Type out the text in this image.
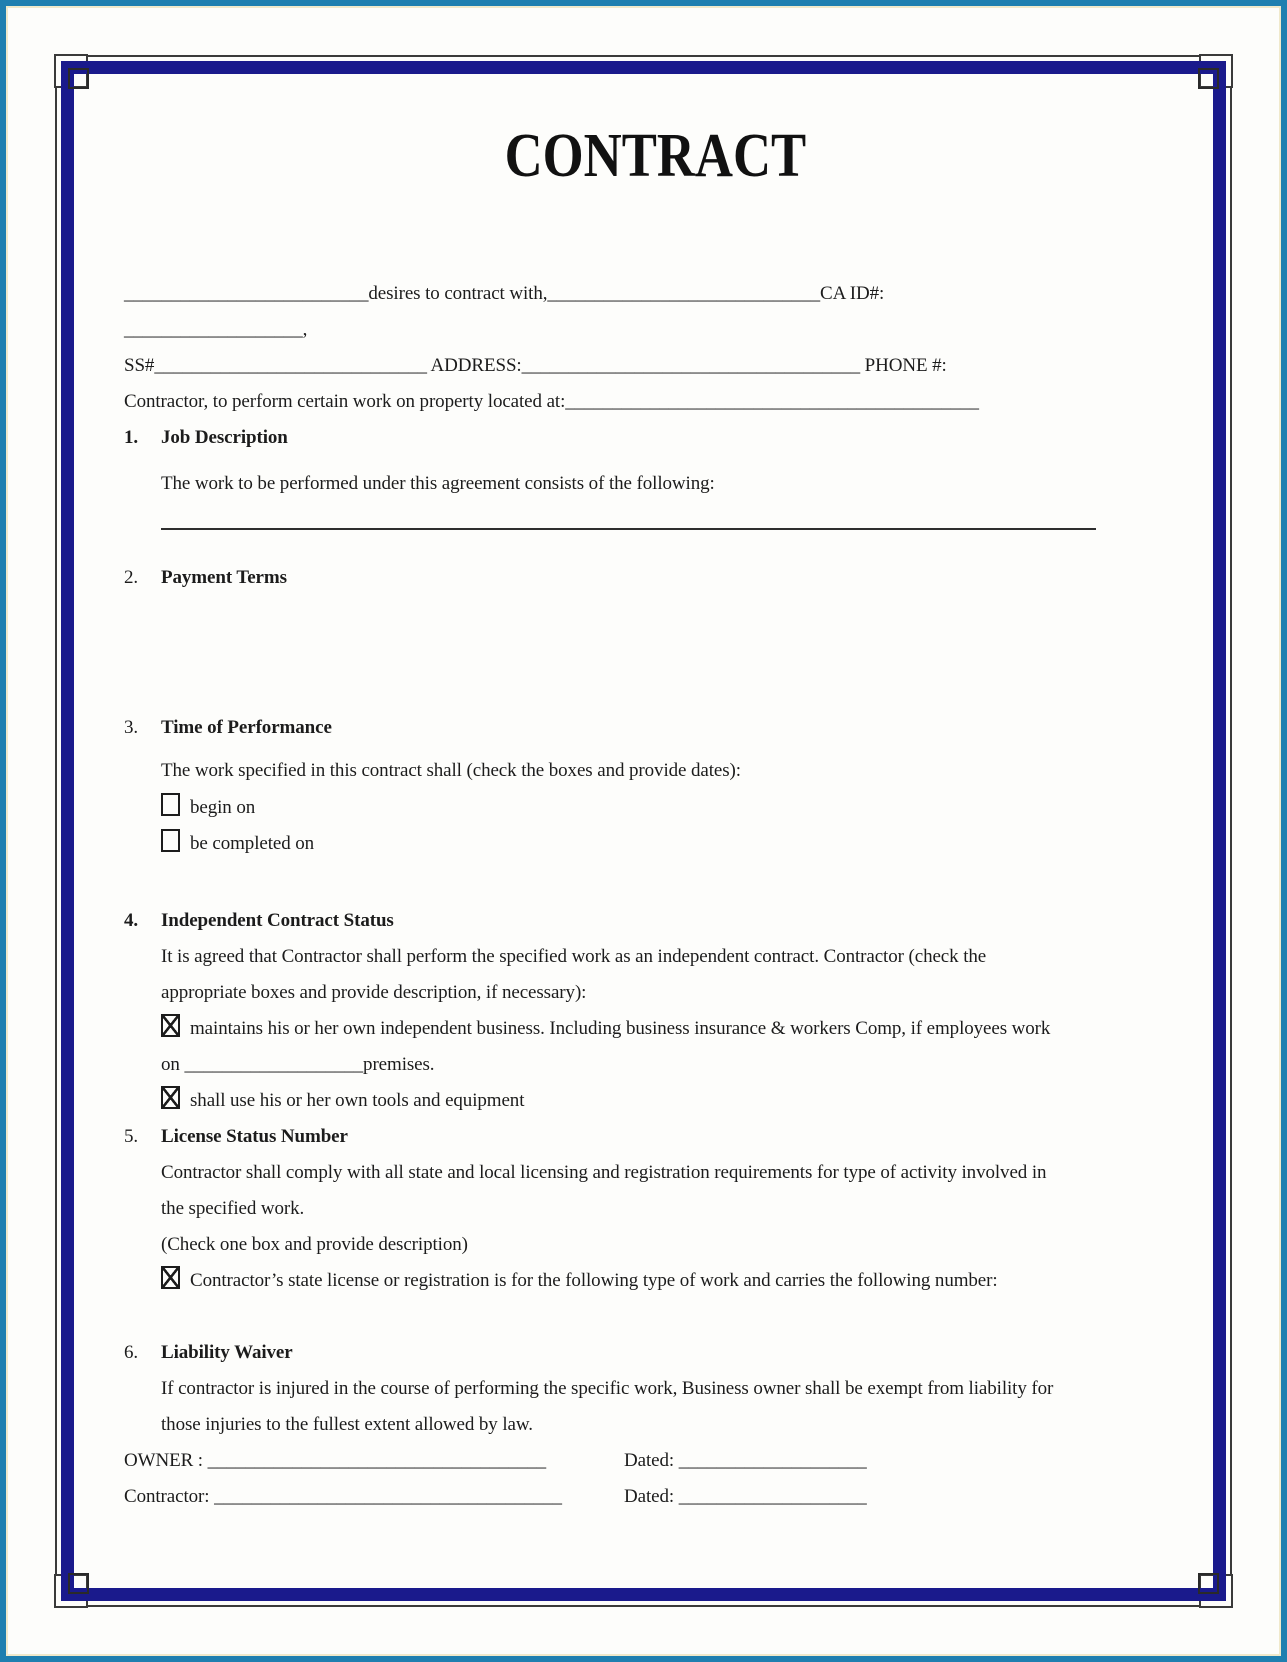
CONTRACT
__________________________desires to contract with,_____________________________CA ID#:
___________________,
SS#_____________________________ ADDRESS:____________________________________ PHONE #:
Contractor, to perform certain work on property located at:____________________________________________
1. Job Description
The work to be performed under this agreement consists of the following:
2. Payment Terms
3. Time of Performance
The work specified in this contract shall (check the boxes and provide dates):
begin on
be completed on
4. Independent Contract Status
It is agreed that Contractor shall perform the specified work as an independent contract. Contractor (check the
appropriate boxes and provide description, if necessary):
maintains his or her own independent business. Including business insurance & workers Comp, if employees work
on ___________________premises.
shall use his or her own tools and equipment
5. License Status Number
Contractor shall comply with all state and local licensing and registration requirements for type of activity involved in
the specified work.
(Check one box and provide description)
Contractor’s state license or registration is for the following type of work and carries the following number:
6. Liability Waiver
If contractor is injured in the course of performing the specific work, Business owner shall be exempt from liability for
those injuries to the fullest extent allowed by law.
OWNER : ____________________________________	Dated: ____________________
Contractor: _____________________________________	Dated: ____________________
